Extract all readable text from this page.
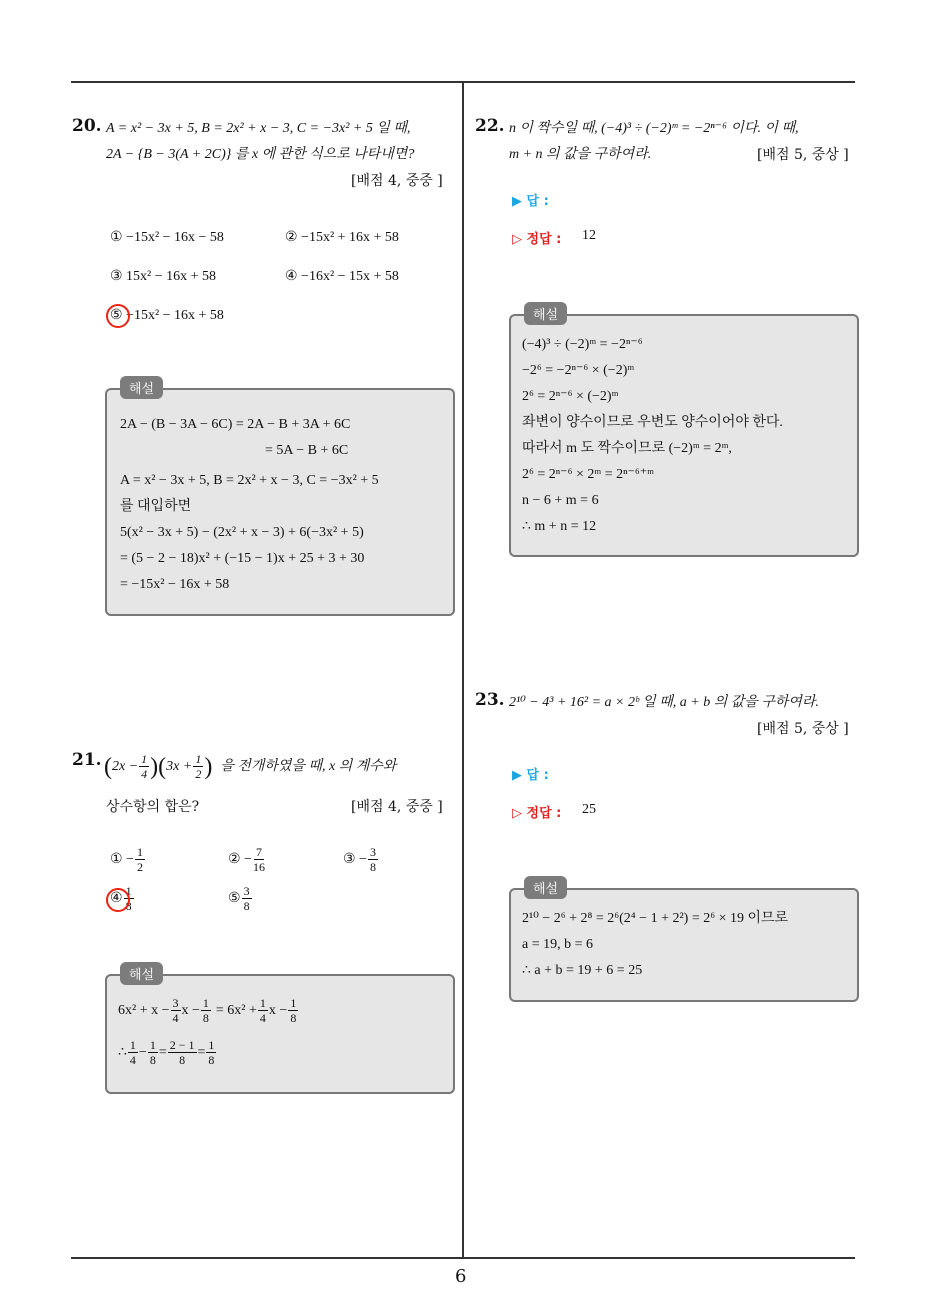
6
20. A = x² − 3x + 5, B = 2x² + x − 3, C = −3x² + 5 일 때,
2A − {B − 3(A + 2C)} 를 x 에 관한 식으로 나타내면?
[배점 4, 중중 ]
① −15x² − 16x − 58	② −15x² + 16x + 58
③ 15x² − 16x + 58	④ −16x² − 15x + 58
⑤ −15x² − 16x + 58
해설
2A − (B − 3A − 6C) = 2A − B + 3A + 6C
= 5A − B + 6C
A = x² − 3x + 5, B = 2x² + x − 3, C = −3x² + 5
를 대입하면
5(x² − 3x + 5) − (2x² + x − 3) + 6(−3x² + 5)
= (5 − 2 − 18)x² + (−15 − 1)x + 25 + 3 + 30
= −15x² − 16x + 58
21. ( $2x - \frac{1}{4}$ )( $3x + \frac{1}{2}$ ) 을 전개하였을 때, x 의 계수와
상수항의 합은?	[배점 4, 중중 ]
① − $\frac{1}{2}$	② − $\frac{7}{16}$	③ − $\frac{3}{8}$
④ $\frac{1}{8}$	⑤ $\frac{3}{8}$
해설
$6x^2 + x - \frac{3}{4}$ $x - \frac{1}{8} = 6x^2 + \frac{1}{4}$ $x - \frac{1}{8}$
∴ $\frac{1}{4} - \frac{1}{8} = \frac{2 - 1}{8} = \frac{1}{8}$
22. n 이 짝수일 때, (−4)³ ÷ (−2)ᵐ = −2ⁿ⁻⁶ 이다. 이 때,
m + n 의 값을 구하여라.	[배점 5, 중상 ]
▶ 답 :
▷ 정답 : 12
해설
(−4)³ ÷ (−2)ᵐ = −2ⁿ⁻⁶
−2⁶ = −2ⁿ⁻⁶ × (−2)ᵐ
2⁶ = 2ⁿ⁻⁶ × (−2)ᵐ
좌변이 양수이므로 우변도 양수이어야 한다.
따라서 m 도 짝수이므로 (−2)ᵐ = 2ᵐ,
2⁶ = 2ⁿ⁻⁶ × 2ᵐ = 2ⁿ⁻⁶⁺ᵐ
n − 6 + m = 6
∴ m + n = 12
23. 2¹⁰ − 4³ + 16² = a × 2ᵇ 일 때, a + b 의 값을 구하여라.
[배점 5, 중상 ]
▶ 답 :
▷ 정답 : 25
해설
2¹⁰ − 2⁶ + 2⁸ = 2⁶(2⁴ − 1 + 2²) = 2⁶ × 19 이므로
a = 19, b = 6
∴ a + b = 19 + 6 = 25
